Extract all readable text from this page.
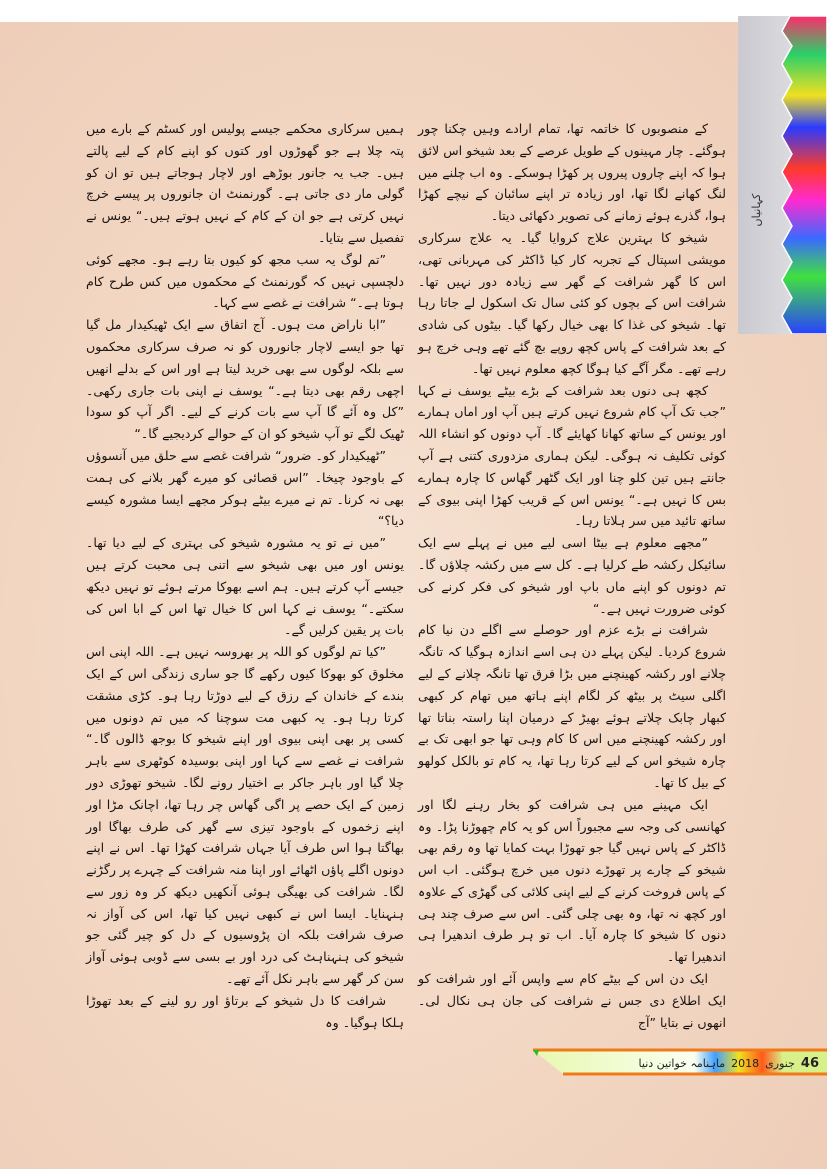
کہانیاں

کے منصوبوں کا خاتمہ تھا، تمام ارادے وہیں چکنا چور ہوگئے۔ چار مہینوں کے طویل عرصے کے بعد شیخو اس لائق ہوا کہ اپنے چاروں پیروں پر کھڑا ہوسکے۔ وہ اب چلنے میں لنگ کھانے لگا تھا، اور زیادہ تر اپنے سائبان کے نیچے کھڑا ہوا، گذرے ہوئے زمانے کی تصویر دکھائی دیتا۔

شیخو کا بہترین علاج کروایا گیا۔ یہ علاج سرکاری مویشی اسپتال کے تجربہ کار کیا ڈاکٹر کی مہربانی تھی، اس کا گھر شرافت کے گھر سے زیادہ دور نہیں تھا۔ شرافت اس کے بچوں کو کئی سال تک اسکول لے جاتا رہا تھا۔ شیخو کی غذا کا بھی خیال رکھا گیا۔ بیٹوں کی شادی کے بعد شرافت کے پاس کچھ روپے بچ گئے تھے وہی خرچ ہو رہے تھے۔ مگر آگے کیا ہوگا کچھ معلوم نہیں تھا۔

کچھ ہی دنوں بعد شرافت کے بڑے بیٹے یوسف نے کہا ”جب تک آپ کام شروع نہیں کرتے ہیں آپ اور اماں ہمارے اور یونس کے ساتھ کھانا کھایئے گا۔ آپ دونوں کو انشاء اللہ کوئی تکلیف نہ ہوگی۔ لیکن ہماری مزدوری کتنی ہے آپ جانتے ہیں تین کلو چنا اور ایک گٹھر گھاس کا چارہ ہمارے بس کا نہیں ہے۔“ یونس اس کے قریب کھڑا اپنی بیوی کے ساتھ تائید میں سر ہلاتا رہا۔

”مجھے معلوم ہے بیٹا اسی لیے میں نے پہلے سے ایک سائیکل رکشہ طے کرلیا ہے۔ کل سے میں رکشہ چلاؤں گا۔ تم دونوں کو اپنے ماں باپ اور شیخو کی فکر کرنے کی کوئی ضرورت نہیں ہے۔“

شرافت نے بڑے عزم اور حوصلے سے اگلے دن نیا کام شروع کردیا۔ لیکن پہلے دن ہی اسے اندازہ ہوگیا کہ تانگہ چلانے اور رکشہ کھینچنے میں بڑا فرق تھا تانگہ چلانے کے لیے اگلی سیٹ پر بیٹھ کر لگام اپنے ہاتھ میں تھام کر کبھی کبھار چابک چلاتے ہوئے بھیڑ کے درمیان اپنا راستہ بناتا تھا اور رکشہ کھینچنے میں اس کا کام وہی تھا جو ابھی تک بے چارہ شیخو اس کے لیے کرتا رہا تھا، یہ کام تو بالکل کولھو کے بیل کا تھا۔

ایک مہینے میں ہی شرافت کو بخار رہنے لگا اور کھانسی کی وجہ سے مجبوراً اس کو یہ کام چھوڑنا پڑا۔ وہ ڈاکٹر کے پاس نہیں گیا جو تھوڑا بہت کمایا تھا وہ رقم بھی شیخو کے چارے پر تھوڑے دنوں میں خرچ ہوگئی۔ اب اس کے پاس فروخت کرنے کے لیے اپنی کلائی کی گھڑی کے علاوہ اور کچھ نہ تھا، وہ بھی چلی گئی۔ اس سے صرف چند ہی دنوں کا شیخو کا چارہ آیا۔ اب تو ہر طرف اندھیرا ہی اندھیرا تھا۔

ایک دن اس کے بیٹے کام سے واپس آئے اور شرافت کو ایک اطلاع دی جس نے شرافت کی جان ہی نکال لی۔ انھوں نے بتایا ”آج

ہمیں سرکاری محکمے جیسے پولیس اور کسٹم کے بارے میں پتہ چلا ہے جو گھوڑوں اور کتوں کو اپنے کام کے لیے پالتے ہیں۔ جب یہ جانور بوڑھے اور لاچار ہوجاتے ہیں تو ان کو گولی مار دی جاتی ہے۔ گورنمنٹ ان جانوروں پر پیسے خرچ نہیں کرتی ہے جو ان کے کام کے نہیں ہوتے ہیں۔“ یونس نے تفصیل سے بتایا۔

”تم لوگ یہ سب مجھ کو کیوں بتا رہے ہو۔ مجھے کوئی دلچسپی نہیں کہ گورنمنٹ کے محکموں میں کس طرح کام ہوتا ہے۔“ شرافت نے غصے سے کہا۔

”ابا ناراض مت ہوں۔ آج اتفاق سے ایک ٹھیکیدار مل گیا تھا جو ایسے لاچار جانوروں کو نہ صرف سرکاری محکموں سے بلکہ لوگوں سے بھی خرید لیتا ہے اور اس کے بدلے انھیں اچھی رقم بھی دیتا ہے۔“ یوسف نے اپنی بات جاری رکھی۔ ”کل وہ آئے گا آپ سے بات کرنے کے لیے۔ اگر آپ کو سودا ٹھیک لگے تو آپ شیخو کو ان کے حوالے کردیجیے گا۔“

”ٹھیکیدار کو۔ ضرور“ شرافت غصے سے حلق میں آنسوؤں کے باوجود چیخا۔ ”اس قصائی کو میرے گھر بلانے کی ہمت بھی نہ کرنا۔ تم نے میرے بیٹے ہوکر مجھے ایسا مشورہ کیسے دیا؟“

”میں نے تو یہ مشورہ شیخو کی بہتری کے لیے دیا تھا۔ یونس اور میں بھی شیخو سے اتنی ہی محبت کرتے ہیں جیسے آپ کرتے ہیں۔ ہم اسے بھوکا مرتے ہوئے تو نہیں دیکھ سکتے۔“ یوسف نے کہا اس کا خیال تھا اس کے ابا اس کی بات پر یقین کرلیں گے۔

”کیا تم لوگوں کو اللہ پر بھروسہ نہیں ہے۔ اللہ اپنی اس مخلوق کو بھوکا کیوں رکھے گا جو ساری زندگی اس کے ایک بندے کے خاندان کے رزق کے لیے دوڑتا رہا ہو۔ کڑی مشقت کرتا رہا ہو۔ یہ کبھی مت سوچنا کہ میں تم دونوں میں کسی پر بھی اپنی بیوی اور اپنے شیخو کا بوجھ ڈالوں گا۔“ شرافت نے غصے سے کہا اور اپنی بوسیدہ کوٹھری سے باہر چلا گیا اور باہر جاکر بے اختیار رونے لگا۔ شیخو تھوڑی دور زمین کے ایک حصے پر اگی گھاس چر رہا تھا، اچانک مڑا اور اپنے زخموں کے باوجود تیزی سے گھر کی طرف بھاگا اور بھاگتا ہوا اس طرف آیا جہاں شرافت کھڑا تھا۔ اس نے اپنے دونوں اگلے پاؤں اٹھائے اور اپنا منہ شرافت کے چہرے پر رگڑنے لگا۔ شرافت کی بھیگی ہوئی آنکھیں دیکھ کر وہ زور سے ہنہنایا۔ ایسا اس نے کبھی نہیں کیا تھا، اس کی آواز نہ صرف شرافت بلکہ ان پڑوسیوں کے دل کو چیر گئی جو شیخو کی ہنہناہٹ کی درد اور بے بسی سے ڈوبی ہوئی آواز سن کر گھر سے باہر نکل آئے تھے۔

شرافت کا دل شیخو کے برتاؤ اور رو لینے کے بعد تھوڑا ہلکا ہوگیا۔ وہ

46
جنوری
2018
ماہنامہ خواتین دنیا
